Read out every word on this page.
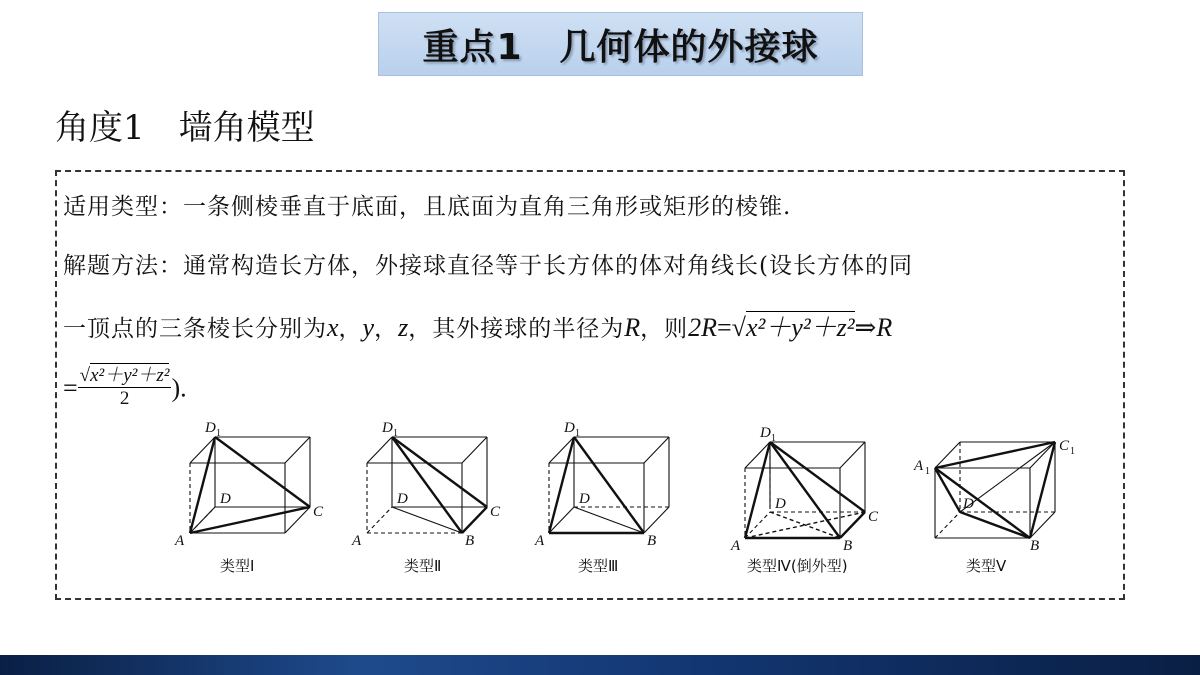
重点1　几何体的外接球
角度1　墙角模型
适用类型：一条侧棱垂直于底面，且底面为直角三角形或矩形的棱锥.
解题方法：通常构造长方体，外接球直径等于长方体的体对角线长(设长方体的同
一顶点的三条棱长分别为x，y，z，其外接球的半径为R，则2R=√x²＋y²＋z²⇒R
= $\frac{\text{√x²＋y²＋z²}}{2}$ ).
D 1
D
A
C
类型Ⅰ
D 1
D
A	B
C
类型Ⅱ
D 1
D
A	B
类型Ⅲ
D 1
D
A	B
C
类型Ⅳ(倒外型)
A 1
C 1
D
B
类型Ⅴ
